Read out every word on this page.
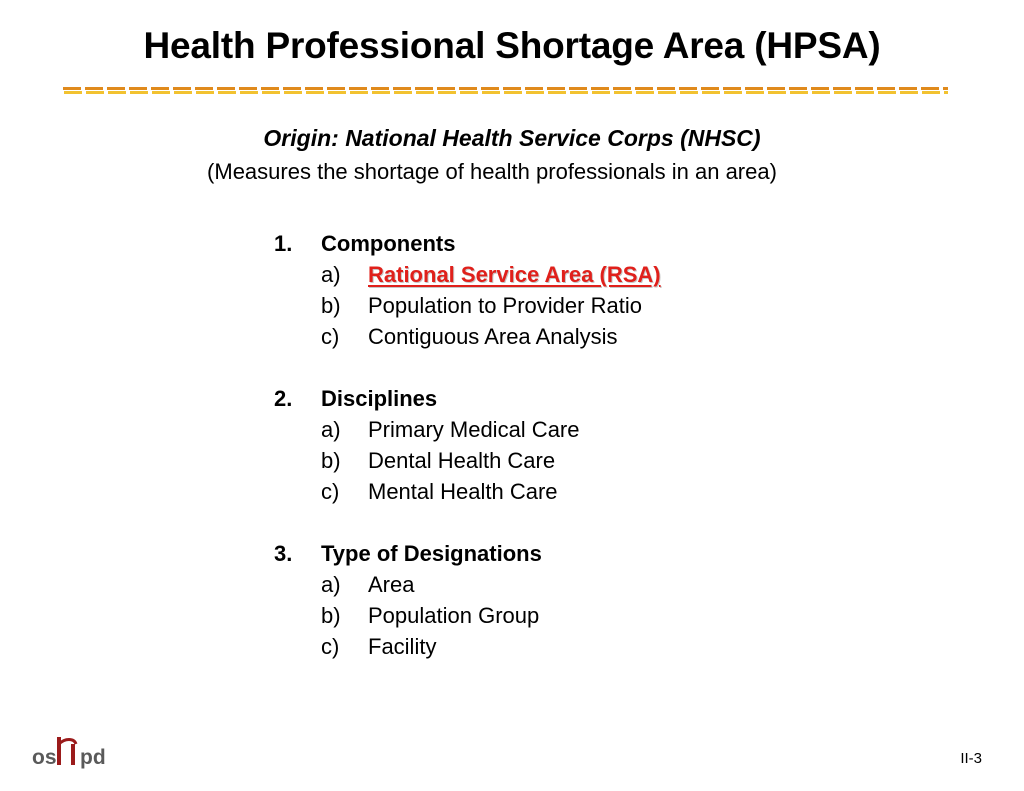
Health Professional Shortage Area (HPSA)
Origin: National Health Service Corps (NHSC)
(Measures the shortage of health professionals in an area)
1.	Components
a)	Rational Service Area (RSA)
b)	Population to Provider Ratio
c)	Contiguous Area Analysis
2.	Disciplines
a)	Primary Medical Care
b)	Dental Health Care
c)	Mental Health Care
3.	Type of Designations
a)	Area
b)	Population Group
c)	Facility
os pd	II-3
